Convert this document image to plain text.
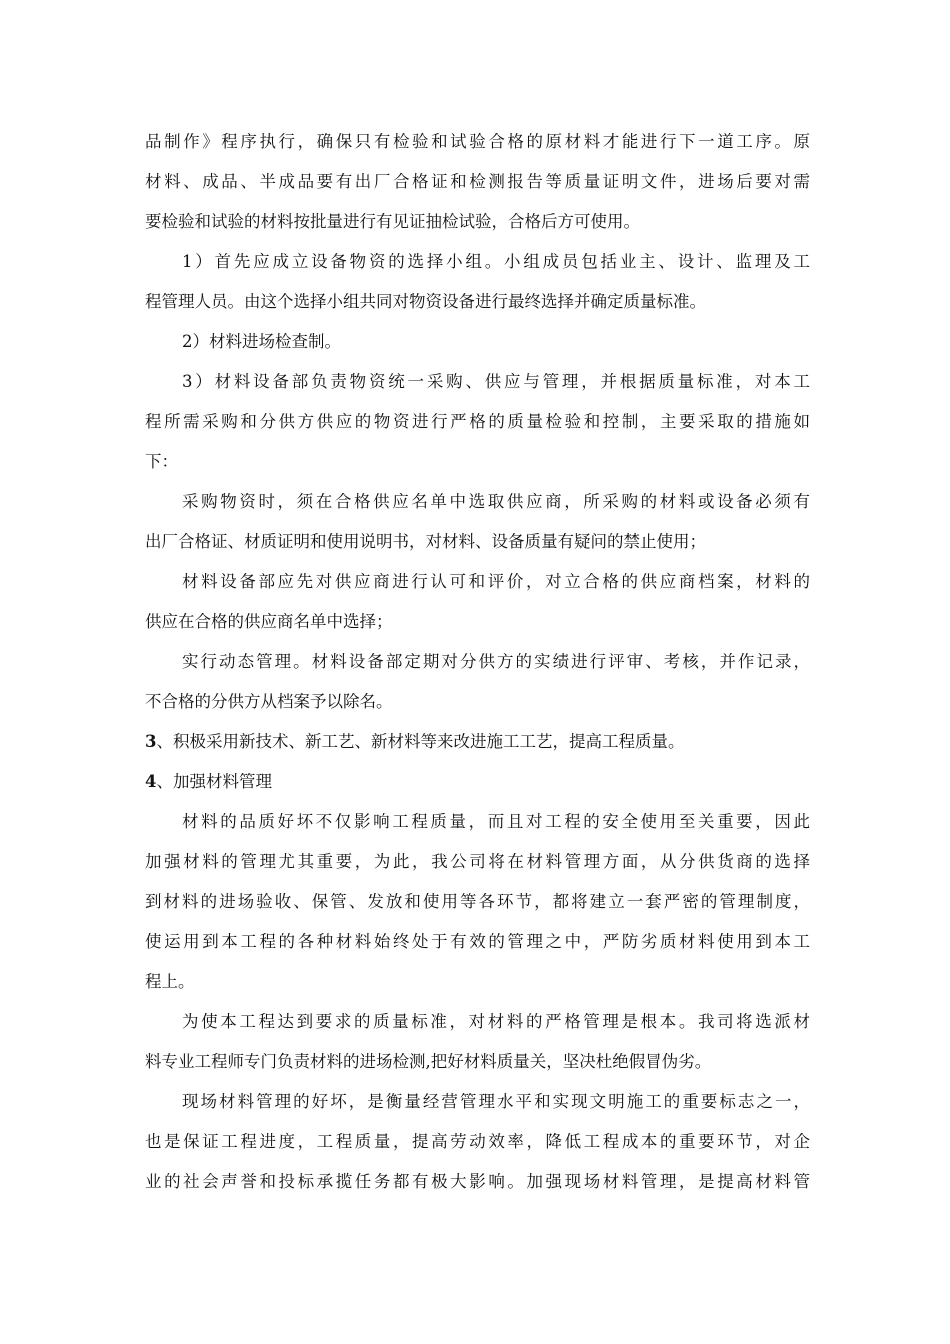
品制作》程序执行，确保只有检验和试验合格的原材料才能进行下一道工序。原
材料、成品、半成品要有出厂合格证和检测报告等质量证明文件，进场后要对需
要检验和试验的材料按批量进行有见证抽检试验，合格后方可使用。
1）首先应成立设备物资的选择小组。小组成员包括业主、设计、监理及工
程管理人员。由这个选择小组共同对物资设备进行最终选择并确定质量标准。
2）材料进场检查制。
3）材料设备部负责物资统一采购、供应与管理，并根据质量标准，对本工
程所需采购和分供方供应的物资进行严格的质量检验和控制，主要采取的措施如
下：
采购物资时，须在合格供应名单中选取供应商，所采购的材料或设备必须有
出厂合格证、材质证明和使用说明书，对材料、设备质量有疑问的禁止使用；
材料设备部应先对供应商进行认可和评价，对立合格的供应商档案，材料的
供应在合格的供应商名单中选择；
实行动态管理。材料设备部定期对分供方的实绩进行评审、考核，并作记录，
不合格的分供方从档案予以除名。
3、积极采用新技术、新工艺、新材料等来改进施工工艺，提高工程质量。
4、加强材料管理
材料的品质好坏不仅影响工程质量，而且对工程的安全使用至关重要，因此
加强材料的管理尤其重要，为此，我公司将在材料管理方面，从分供货商的选择
到材料的进场验收、保管、发放和使用等各环节，都将建立一套严密的管理制度，
使运用到本工程的各种材料始终处于有效的管理之中，严防劣质材料使用到本工
程上。
为使本工程达到要求的质量标准，对材料的严格管理是根本。我司将选派材
料专业工程师专门负责材料的进场检测,把好材料质量关，坚决杜绝假冒伪劣。
现场材料管理的好坏，是衡量经营管理水平和实现文明施工的重要标志之一，
也是保证工程进度，工程质量，提高劳动效率，降低工程成本的重要环节，对企
业的社会声誉和投标承揽任务都有极大影响。加强现场材料管理，是提高材料管
